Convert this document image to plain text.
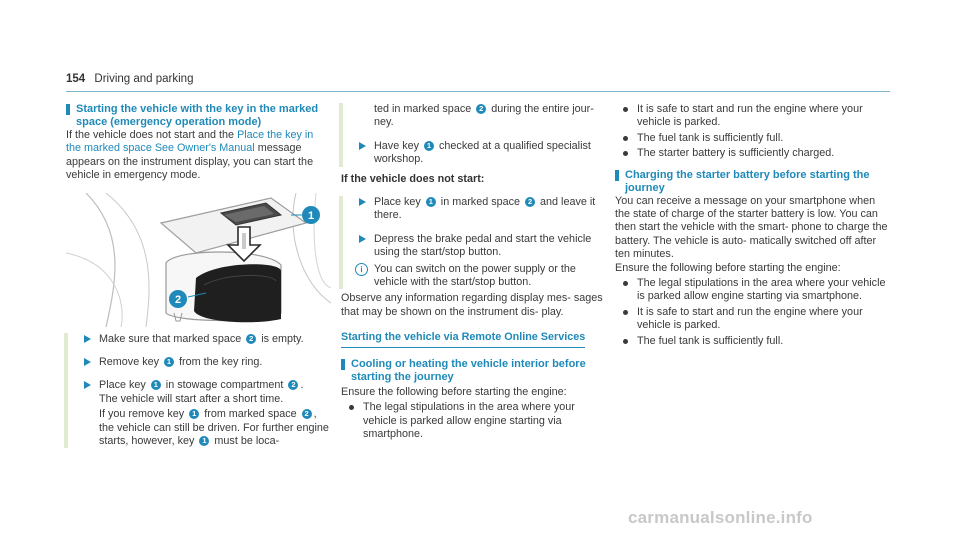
154 Driving and parking
Starting the vehicle with the key in the marked space (emergency operation mode)

If the vehicle does not start and the Place the key in the marked space See Owner's Manual message appears on the instrument display, you can start the vehicle in emergency mode.

1
2
Make sure that marked space 2 is empty.
Remove key 1 from the key ring.
Place key 1 in stowage compartment 2 .
The vehicle will start after a short time.
If you remove key 1 from marked space 2 , the vehicle can still be driven. For further engine starts, however, key 1 must be loca-
ted in marked space 2 during the entire jour- ney.
Have key 1 checked at a qualified specialist workshop.
If the vehicle does not start:
Place key 1 in marked space 2 and leave it there.
Depress the brake pedal and start the vehicle using the start/stop button.
i	You can switch on the power supply or the vehicle with the start/stop button.

Observe any information regarding display mes- sages that may be shown on the instrument dis- play.

Starting the vehicle via Remote Online Services
Cooling or heating the vehicle interior before starting the journey

Ensure the following before starting the engine:

The legal stipulations in the area where your vehicle is parked allow engine starting via smartphone.
It is safe to start and run the engine where your vehicle is parked.
The fuel tank is sufficiently full.
The starter battery is sufficiently charged.
Charging the starter battery before starting the journey

You can receive a message on your smartphone when the state of charge of the starter battery is low. You can then start the vehicle with the smart- phone to charge the battery. The vehicle is auto- matically switched off after ten minutes.

Ensure the following before starting the engine:

The legal stipulations in the area where your vehicle is parked allow engine starting via smartphone.
It is safe to start and run the engine where your vehicle is parked.
The fuel tank is sufficiently full.
carmanualsonline.info
